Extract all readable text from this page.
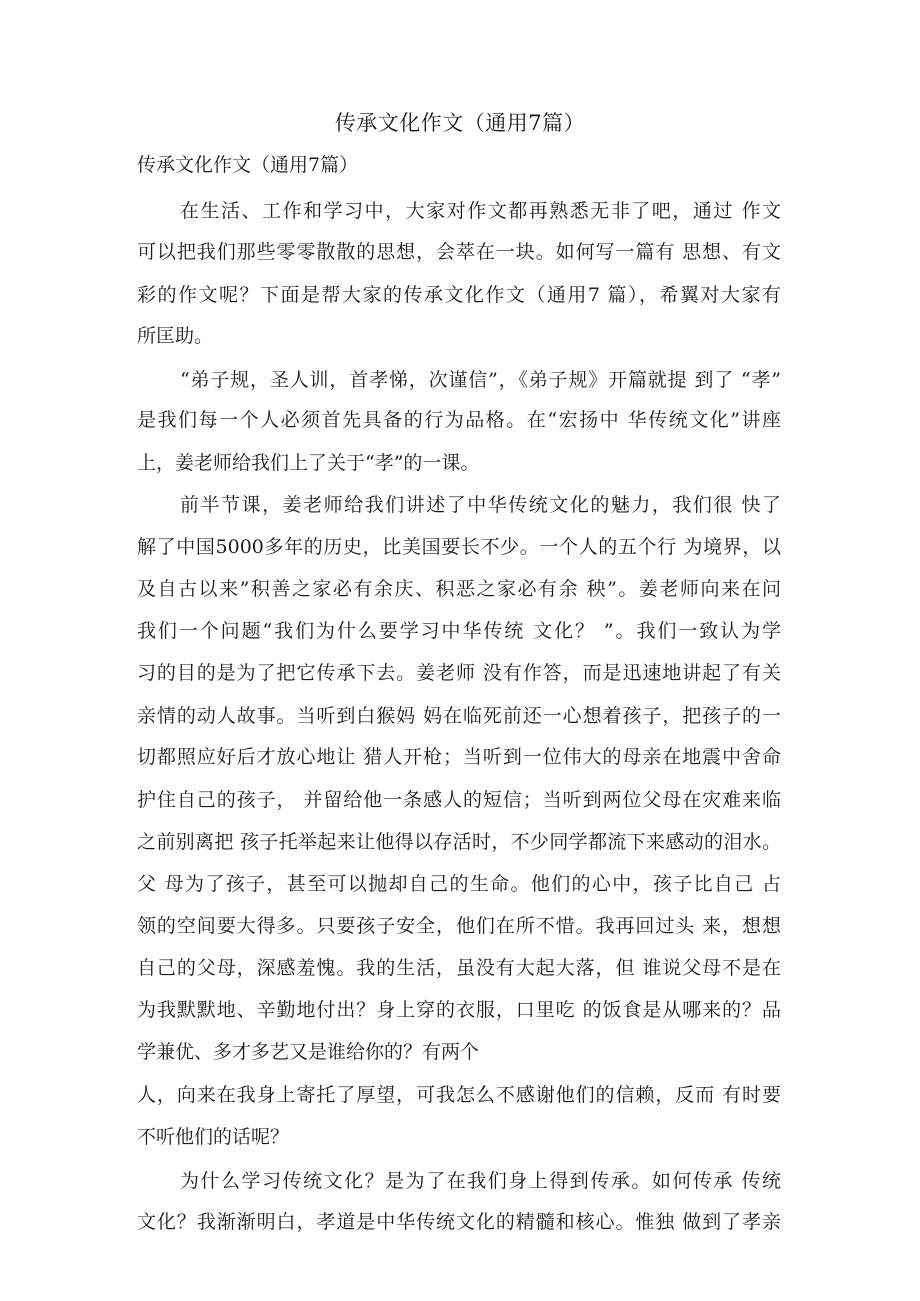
传承文化作文（通用7篇）
传承文化作文（通用7篇）
在生活、工作和学习中，大家对作文都再熟悉无非了吧，通过 作文
可以把我们那些零零散散的思想，会萃在一块。如何写一篇有 思想、有文
彩的作文呢？下面是帮大家的传承文化作文（通用7 篇），希翼对大家有
所匡助。
“弟子规，圣人训，首孝悌，次谨信”，《弟子规》开篇就提 到了 “孝”
是我们每一个人必须首先具备的行为品格。在“宏扬中 华传统文化”讲座
上，姜老师给我们上了关于“孝”的一课。
前半节课，姜老师给我们讲述了中华传统文化的魅力，我们很 快了
解了中国5000多年的历史，比美国要长不少。一个人的五个行 为境界，以
及自古以来”积善之家必有余庆、积恶之家必有余 秧”。姜老师向来在问
我们一个问题“我们为什么要学习中华传统 文化？ ”。我们一致认为学
习的目的是为了把它传承下去。姜老师 没有作答，而是迅速地讲起了有关
亲情的动人故事。当听到白猴妈 妈在临死前还一心想着孩子，把孩子的一
切都照应好后才放心地让 猎人开枪；当听到一位伟大的母亲在地震中舍命
护住自己的孩子， 并留给他一条感人的短信；当听到两位父母在灾难来临
之前别离把 孩子托举起来让他得以存活时，不少同学都流下来感动的泪水。
父 母为了孩子，甚至可以抛却自己的生命。他们的心中，孩子比自己 占
领的空间要大得多。只要孩子安全，他们在所不惜。我再回过头 来，想想
自己的父母，深感羞愧。我的生活，虽没有大起大落，但 谁说父母不是在
为我默默地、辛勤地付出？身上穿的衣服，口里吃 的饭食是从哪来的？品
学兼优、多才多艺又是谁给你的？有两个
人，向来在我身上寄托了厚望，可我怎么不感谢他们的信赖，反而 有时要
不听他们的话呢？
为什么学习传统文化？是为了在我们身上得到传承。如何传承 传统
文化？我渐渐明白，孝道是中华传统文化的精髓和核心。惟独 做到了孝亲
